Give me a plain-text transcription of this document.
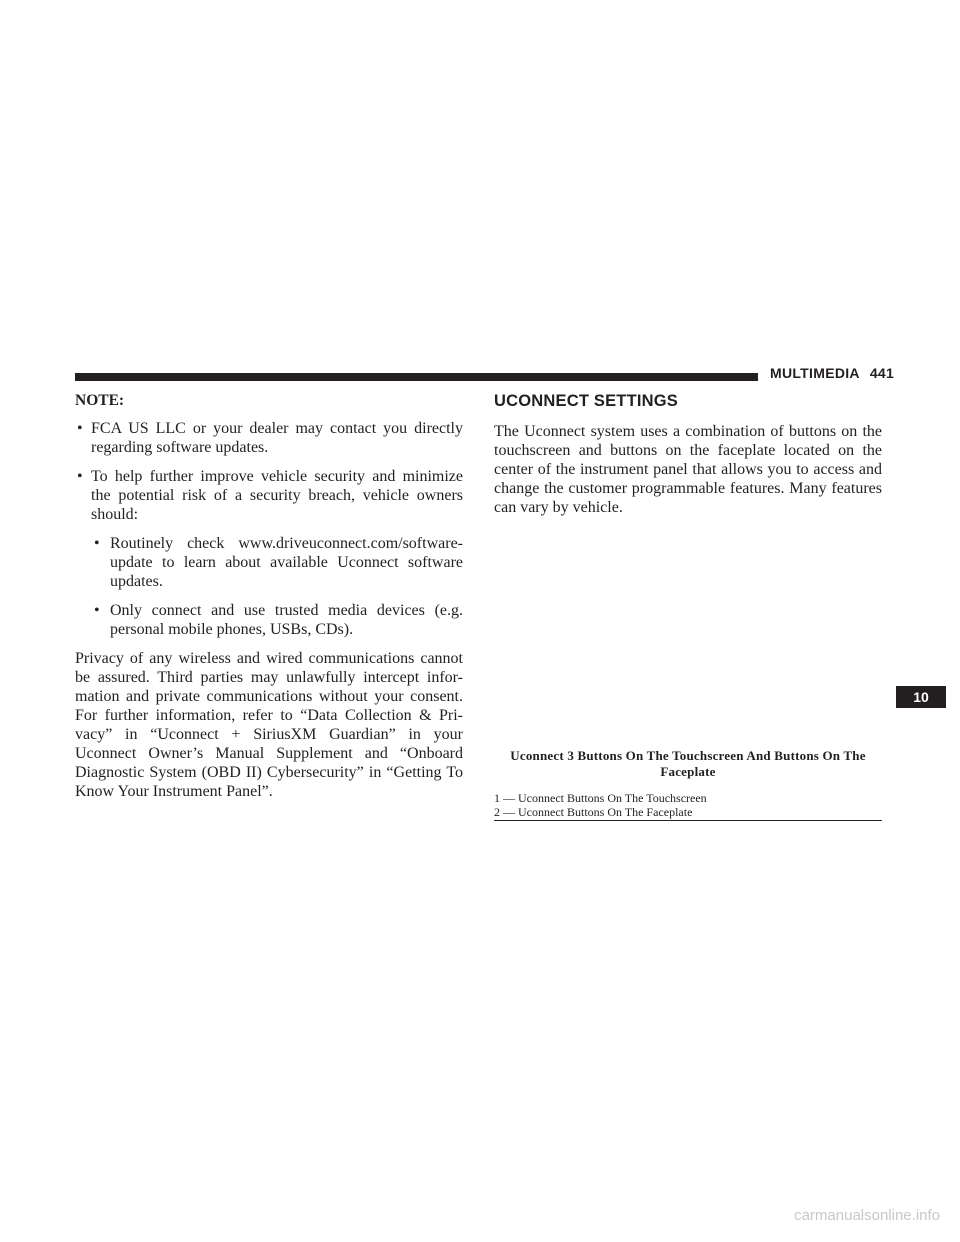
MULTIMEDIA 441
NOTE:
• FCA US LLC or your dealer may contact you directly regarding software updates.
• To help further improve vehicle security and minimize the potential risk of a security breach, vehicle owners should:
• Routinely check www.driveuconnect.com/software-update to learn about available Uconnect software updates.
• Only connect and use trusted media devices (e.g. personal mobile phones, USBs, CDs).

Privacy of any wireless and wired communications cannot be assured. Third parties may unlawfully intercept infor-mation and private communications without your consent. For further information, refer to “Data Collection & Pri-vacy” in “Uconnect + SiriusXM Guardian” in your Uconnect Owner’s Manual Supplement and “Onboard Diagnostic System (OBD II) Cybersecurity” in “Getting To Know Your Instrument Panel”.

UCONNECT SETTINGS

The Uconnect system uses a combination of buttons on the touchscreen and buttons on the faceplate located on the center of the instrument panel that allows you to access and change the customer programmable features. Many features can vary by vehicle.

Uconnect 3 Buttons On The Touchscreen And Buttons On The Faceplate
1 — Uconnect Buttons On The Touchscreen
2 — Uconnect Buttons On The Faceplate
10
carmanualsonline.info
